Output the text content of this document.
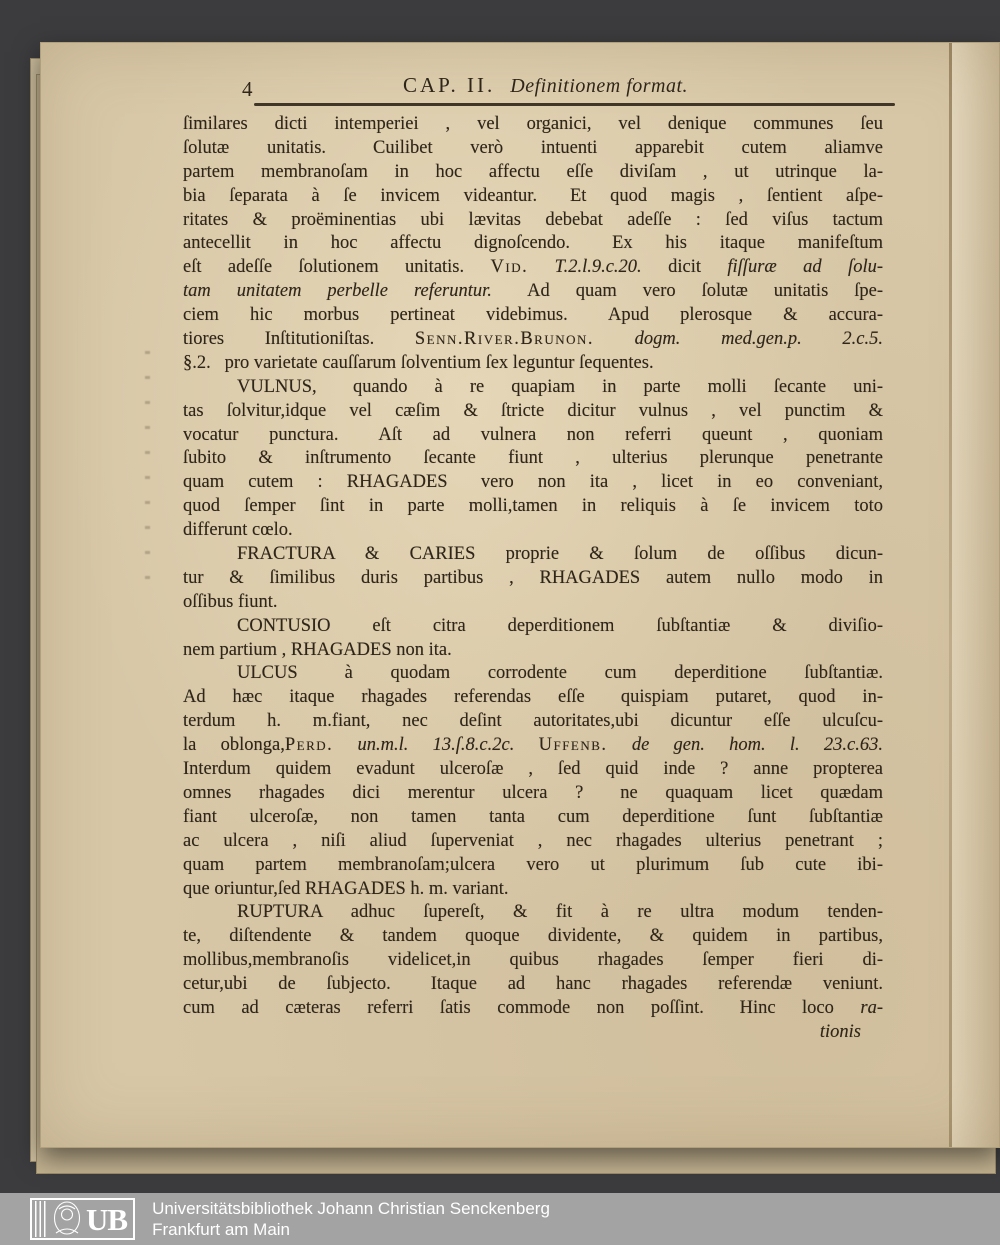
4	CAP. II. Definitionem format.
ſimilares dicti intemperiei , vel organici, vel denique communes ſeu
ſolutæ unitatis.  Cuilibet verò intuenti apparebit cutem aliamve
partem membranoſam in hoc affectu eſſe diviſam , ut utrinque la-
bia ſeparata à ſe invicem videantur.  Et quod magis , ſentient aſpe-
ritates & proëminentias ubi lævitas debebat adeſſe : ſed viſus tactum
antecellit in hoc affectu dignoſcendo.  Ex his itaque manifeſtum
eſt adeſſe ſolutionem unitatis. Vid. T.2.l.9.c.20. dicit fiſſuræ ad ſolu-
tam unitatem perbelle referuntur.  Ad quam vero ſolutæ unitatis ſpe-
ciem hic morbus pertineat videbimus.  Apud plerosque & accura-
tiores Inſtitutioniſtas. Senn.River.Brunon. dogm. med.gen.p. 2.c.5.
§.2.  pro varietate cauſſarum ſolventium ſex leguntur ſequentes.
VULNUS,  quando à re quapiam in parte molli ſecante uni-
tas ſolvitur,idque vel cæſim & ſtricte dicitur vulnus , vel punctim &
vocatur punctura.  Aſt ad vulnera non referri queunt , quoniam
ſubito & inſtrumento ſecante fiunt , ulterius plerunque penetrante
quam cutem : RHAGADES  vero non ita , licet in eo conveniant,
quod ſemper ſint in parte molli,tamen in reliquis à ſe invicem toto
differunt cœlo.
FRACTURA & CARIES proprie & ſolum de oſſibus dicun-
tur & ſimilibus duris partibus , RHAGADES autem nullo modo in
oſſibus fiunt.
CONTUSIO eſt citra deperditionem ſubſtantiæ & diviſio-
nem partium , RHAGADES non ita.
ULCUS  à quodam corrodente cum deperditione ſubſtantiæ.
Ad hæc itaque rhagades referendas eſſe  quispiam putaret, quod in-
terdum h. m.fiant, nec deſint autoritates,ubi dicuntur eſſe ulcuſcu-
la oblonga,Perd. un.m.l. 13.ſ.8.c.2c. Uffenb. de gen. hom. l. 23.c.63.
Interdum quidem evadunt ulceroſæ , ſed quid inde ? anne propterea
omnes rhagades dici merentur ulcera ?  ne quaquam licet quædam
fiant ulceroſæ, non tamen tanta cum deperditione ſunt ſubſtantiæ
ac ulcera , niſi aliud ſuperveniat , nec rhagades ulterius penetrant ;
quam partem membranoſam;ulcera vero ut plurimum ſub cute ibi-
que oriuntur,ſed RHAGADES h. m. variant.
RUPTURA adhuc ſupereſt, & fit à re ultra modum tenden-
te, diſtendente & tandem quoque dividente, & quidem in partibus,
mollibus,membranoſis videlicet,in quibus rhagades ſemper fieri di-
cetur,ubi de ſubjecto.  Itaque ad hanc rhagades referendæ veniunt.
cum ad cæteras referri ſatis commode non poſſint.  Hinc loco ra-
tionis
UB Universitätsbibliothek Johann Christian Senckenberg
Frankfurt am Main
